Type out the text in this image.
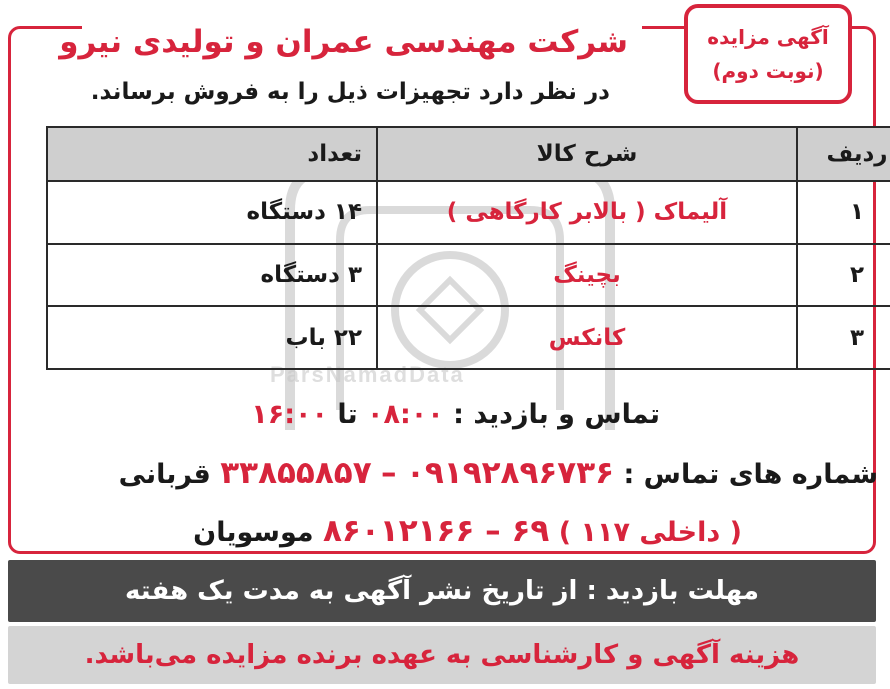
ParsNamadData
آگهی مزایده
(نوبت دوم)
شرکت مهندسی عمران و تولیدی نیرو
در نظر دارد تجهیزات ذیل را به فروش برساند.
ردیف	شرح کالا	تعداد
۱	آلیماک ( بالابر کارگاهی )	۱۴ دستگاه
۲	بچینگ	۳ دستگاه
۳	کانکس	۲۲ باب
تماس و بازدید : ۰۸:۰۰ تا ۱۶:۰۰
شماره های تماس : ۰۹۱۹۲۸۹۶۷۳۶ – ۳۳۸۵۵۸۵۷ قربانی
( داخلی ۱۱۷ ) ۶۹ – ۸۶۰۱۲۱۶۶ موسویان
مهلت بازدید : از تاریخ نشر آگهی به مدت یک هفته
هزینه آگهی و کارشناسی به عهده برنده مزایده می‌باشد.
